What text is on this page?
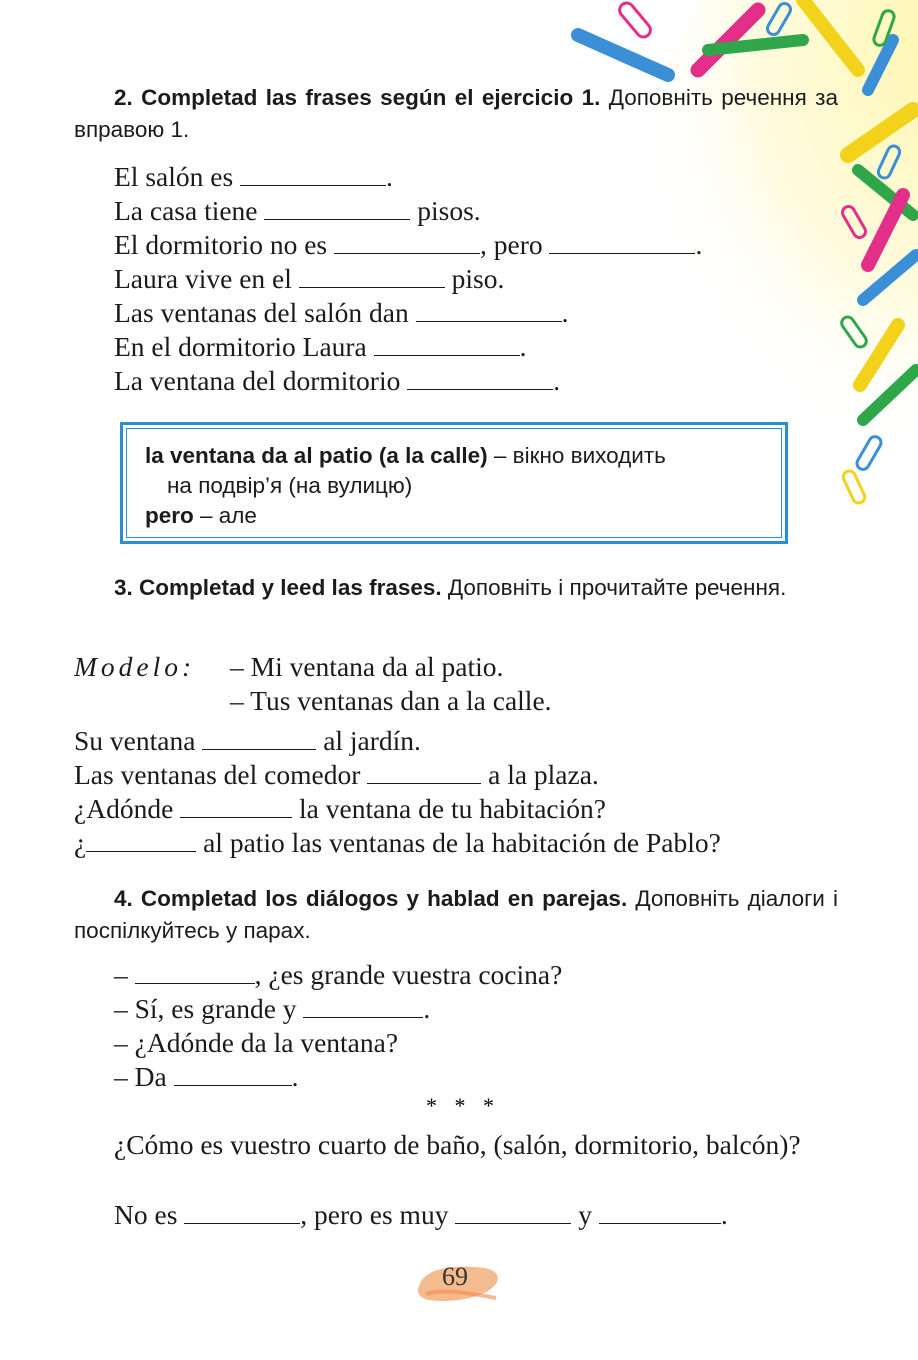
2. Completad las frases según el ejercicio 1. Доповніть речення за вправою 1.
El salón es	.
La casa tiene	pisos.
El dormitorio no es	, pero	.
Laura vive en el	piso.
Las ventanas del salón dan	.
En el dormitorio Laura	.
La ventana del dormitorio	.
la ventana da al patio (a la calle) – вікно виходить
на подвір’я (на вулицю)
pero – але
3. Completad y leed las frases. Доповніть і прочитайте речення.
Modelo: – Mi ventana da al patio.
– Tus ventanas dan a la calle.
Su ventana	al jardín.
Las ventanas del comedor	a la plaza.
¿Adónde	la ventana de tu habitación?
¿	al patio las ventanas de la habitación de Pablo?
4. Completad los diálogos y hablad en parejas. Доповніть діалоги і поспілкуйтесь у парах.
–	, ¿es grande vuestra cocina?
– Sí, es grande y	.
– ¿Adónde da la ventana?
– Da	.
* * *
¿Cómo es vuestro cuarto de baño, (salón, dormitorio, balcón)?
No es	, pero es muy	y	.
69
